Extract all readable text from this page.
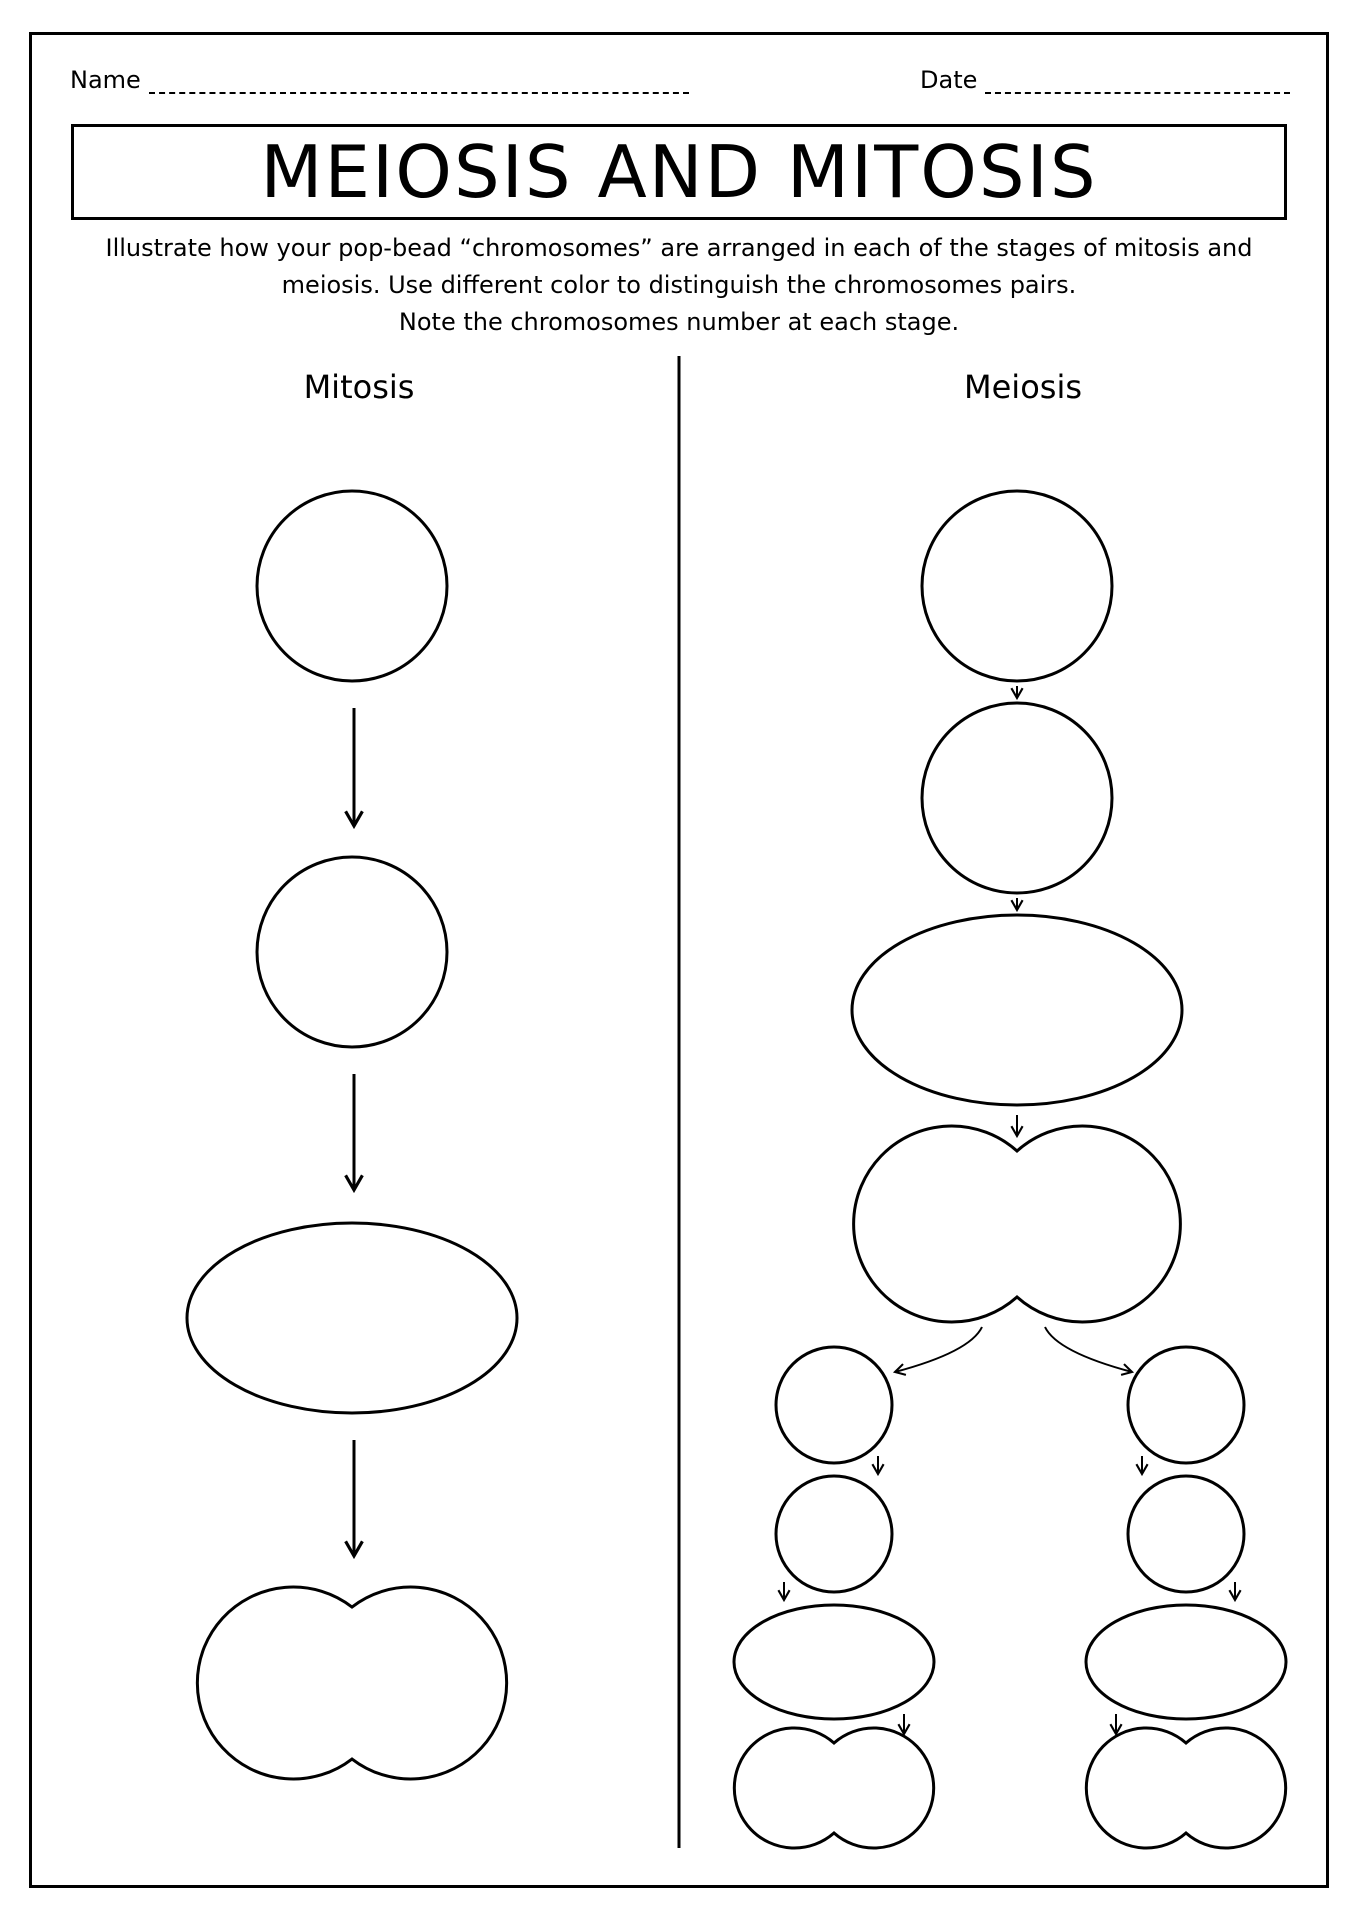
Name	Date
MEIOSIS AND MITOSIS

Illustrate how your pop-bead “chromosomes” are arranged in each of the stages of mitosis and

meiosis. Use different color to distinguish the chromosomes pairs.

Note the chromosomes number at each stage.

Mitosis	Meiosis
